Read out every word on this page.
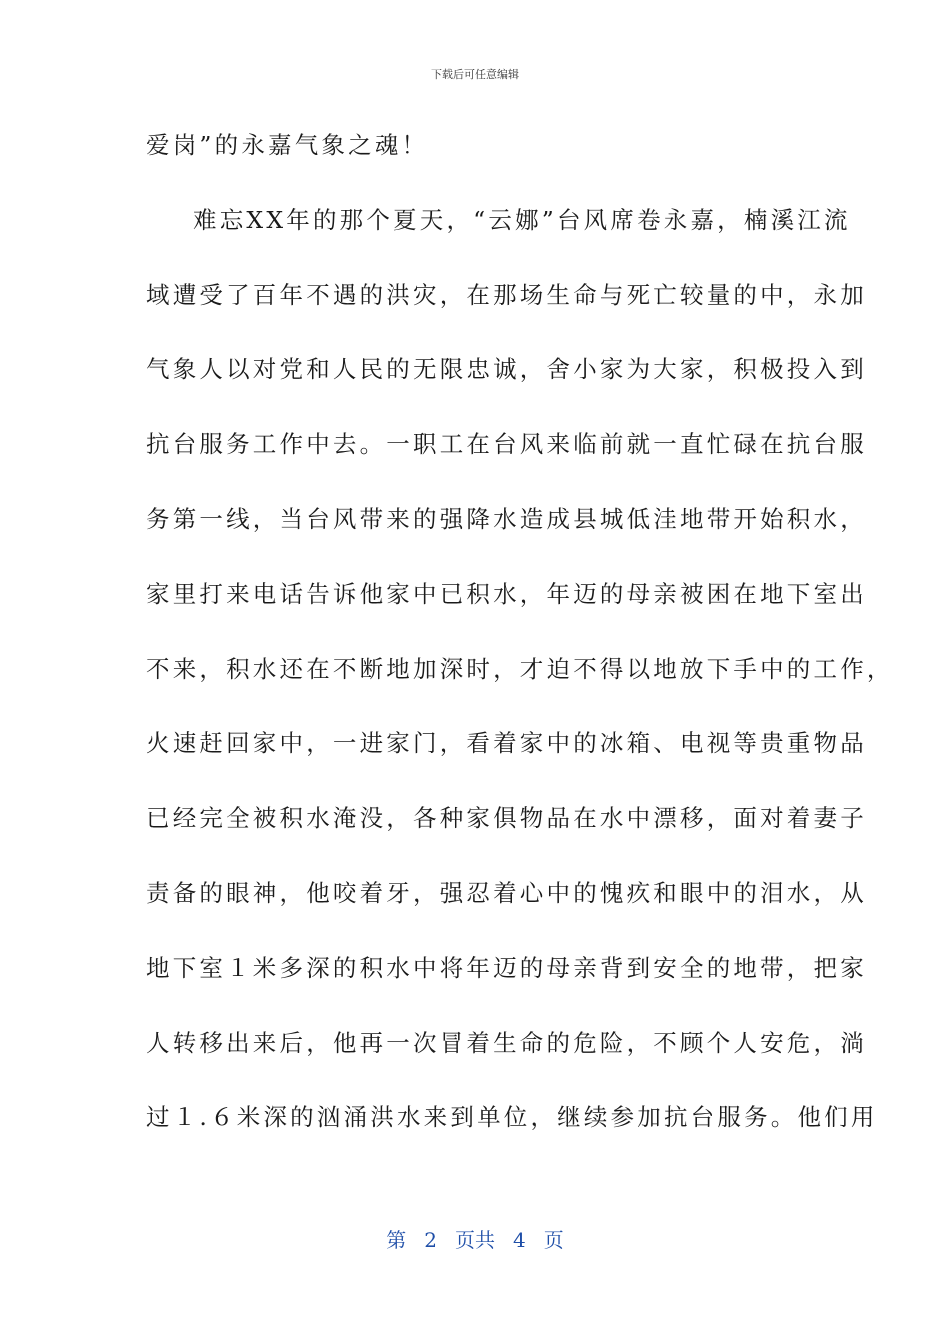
下载后可任意编辑
爱岗”的永嘉气象之魂！
难忘XX年的那个夏天，“云娜”台风席卷永嘉，楠溪江流
域遭受了百年不遇的洪灾，在那场生命与死亡较量的中，永加
气象人以对党和人民的无限忠诚，舍小家为大家，积极投入到
抗台服务工作中去。一职工在台风来临前就一直忙碌在抗台服
务第一线，当台风带来的强降水造成县城低洼地带开始积水，
家里打来电话告诉他家中已积水，年迈的母亲被困在地下室出
不来，积水还在不断地加深时，才迫不得以地放下手中的工作，
火速赶回家中，一进家门，看着家中的冰箱、电视等贵重物品
已经完全被积水淹没，各种家俱物品在水中漂移，面对着妻子
责备的眼神，他咬着牙，强忍着心中的愧疚和眼中的泪水，从
地下室１米多深的积水中将年迈的母亲背到安全的地带，把家
人转移出来后，他再一次冒着生命的危险，不顾个人安危，淌
过１.６米深的汹涌洪水来到单位，继续参加抗台服务。他们用
第 2 页共 4 页
